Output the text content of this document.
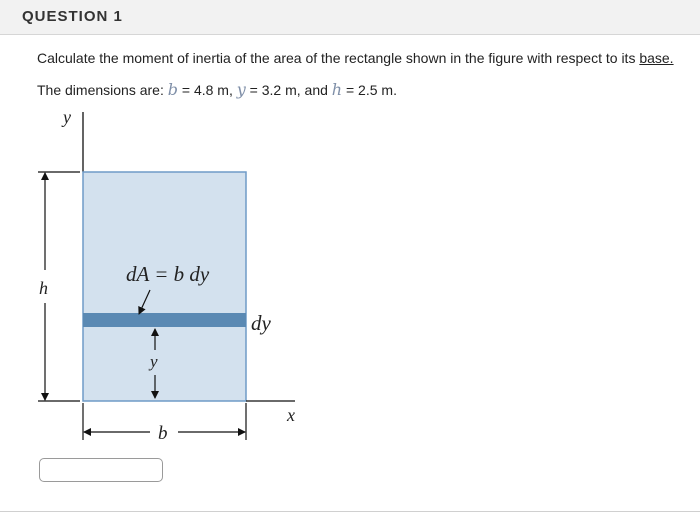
QUESTION 1
Calculate the moment of inertia of the area of the rectangle shown in the figure with respect to its base.
The dimensions are: b = 4.8 m, y = 3.2 m, and h = 2.5 m.
y
h
dA = b dy
dy
y
x
b
